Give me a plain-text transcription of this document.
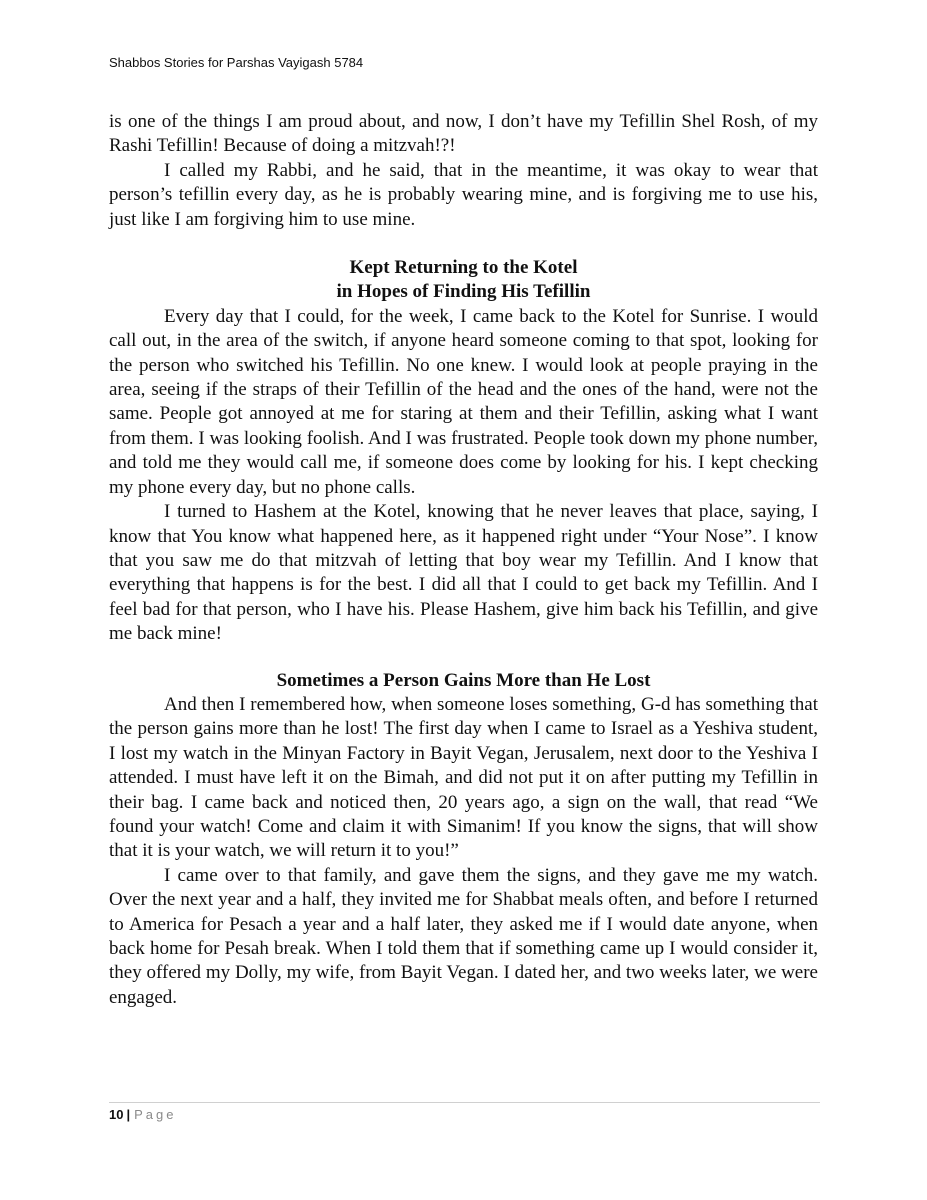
Shabbos Stories for Parshas Vayigash 5784

is one of the things I am proud about, and now, I don’t have my Tefillin Shel Rosh, of my Rashi Tefillin! Because of doing a mitzvah!?!

I called my Rabbi, and he said, that in the meantime, it was okay to wear that person’s tefillin every day, as he is probably wearing mine, and is forgiving me to use his, just like I am forgiving him to use mine.

Kept Returning to the Kotel
in Hopes of Finding His Tefillin

Every day that I could, for the week, I came back to the Kotel for Sunrise. I would call out, in the area of the switch, if anyone heard someone coming to that spot, looking for the person who switched his Tefillin. No one knew. I would look at people praying in the area, seeing if the straps of their Tefillin of the head and the ones of the hand, were not the same. People got annoyed at me for staring at them and their Tefillin, asking what I want from them. I was looking foolish. And I was frustrated. People took down my phone number, and told me they would call me, if someone does come by looking for his. I kept checking my phone every day, but no phone calls.

I turned to Hashem at the Kotel, knowing that he never leaves that place, saying, I know that You know what happened here, as it happened right under “Your Nose”. I know that you saw me do that mitzvah of letting that boy wear my Tefillin. And I know that everything that happens is for the best. I did all that I could to get back my Tefillin. And I feel bad for that person, who I have his. Please Hashem, give him back his Tefillin, and give me back mine!

Sometimes a Person Gains More than He Lost

And then I remembered how, when someone loses something, G-d has something that the person gains more than he lost! The first day when I came to Israel as a Yeshiva student, I lost my watch in the Minyan Factory in Bayit Vegan, Jerusalem, next door to the Yeshiva I attended. I must have left it on the Bimah, and did not put it on after putting my Tefillin in their bag. I came back and noticed then, 20 years ago, a sign on the wall, that read “We found your watch! Come and claim it with Simanim! If you know the signs, that will show that it is your watch, we will return it to you!”

I came over to that family, and gave them the signs, and they gave me my watch. Over the next year and a half, they invited me for Shabbat meals often, and before I returned to America for Pesach a year and a half later, they asked me if I would date anyone, when back home for Pesah break. When I told them that if something came up I would consider it, they offered my Dolly, my wife, from Bayit Vegan. I dated her, and two weeks later, we were engaged.

10 | Page
